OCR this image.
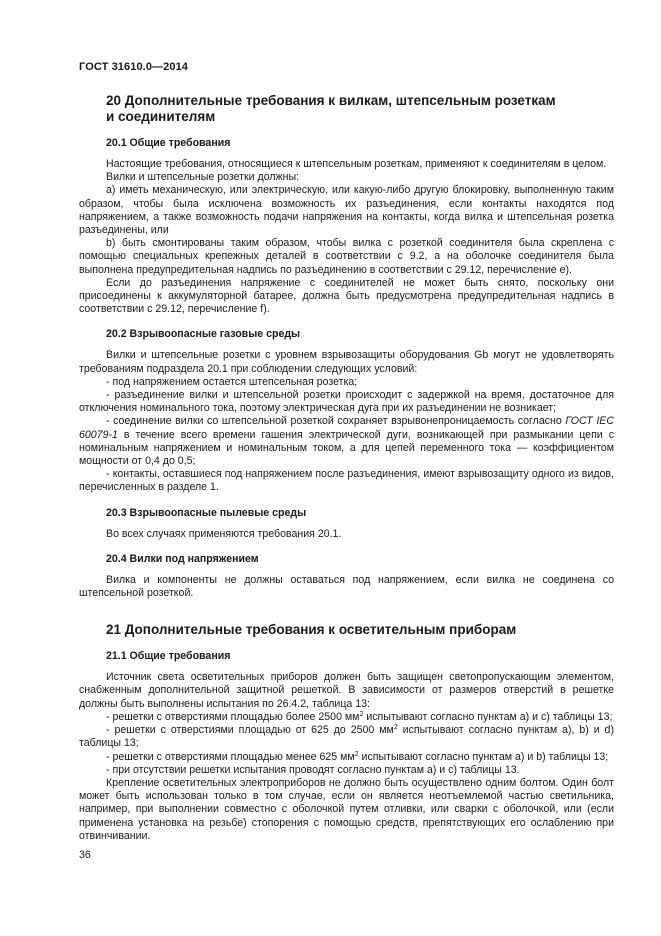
ГОСТ 31610.0—2014
20 Дополнительные требования к вилкам, штепсельным розеткам
и соединителям
20.1 Общие требования

Настоящие требования, относящиеся к штепсельным розеткам, применяют к соединителям в целом.

Вилки и штепсельные розетки должны:

a) иметь механическую, или электрическую, или какую-либо другую блокировку, выполненную таким образом, чтобы была исключена возможность их разъединения, если контакты находятся под напряжением, а также возможность подачи напряжения на контакты, когда вилка и штепсельная розетка разъединены, или

b) быть смонтированы таким образом, чтобы вилка с розеткой соединителя была скреплена с помощью специальных крепежных деталей в соответствии с 9.2, а на оболочке соединителя была выполнена предупредительная надпись по разъединению в соответствии с 29.12, перечисление е).

Если до разъединения напряжение с соединителей не может быть снято, поскольку они присоединены к аккумуляторной батарее, должна быть предусмотрена предупредительная надпись в соответствии с 29.12, перечисление f).

20.2 Взрывоопасные газовые среды

Вилки и штепсельные розетки с уровнем взрывозащиты оборудования Gb могут не удовлетворять требованиям подраздела 20.1 при соблюдении следующих условий:

- под напряжением остается штепсельная розетка;

- разъединение вилки и штепсельной розетки происходит с задержкой на время, достаточное для отключения номинального тока, поэтому электрическая дуга при их разъединении не возникает;

- соединение вилки со штепсельной розеткой сохраняет взрывонепроницаемость согласно ГОСТ IEC 60079-1 в течение всего времени гашения электрической дуги, возникающей при размыкании цепи с номинальным напряжением и номинальным током, а для цепей переменного тока — коэффициентом мощности от 0,4 до 0,5;

- контакты, оставшиеся под напряжением после разъединения, имеют взрывозащиту одного из видов, перечисленных в разделе 1.

20.3 Взрывоопасные пылевые среды

Во всех случаях применяются требования 20.1.

20.4 Вилки под напряжением

Вилка и компоненты не должны оставаться под напряжением, если вилка не соединена со штепсельной розеткой.

21 Дополнительные требования к осветительным приборам
21.1 Общие требования

Источник света осветительных приборов должен быть защищен светопропускающим элементом, снабженным дополнительной защитной решеткой. В зависимости от размеров отверстий в решетке должны быть выполнены испытания по 26.4.2, таблица 13:

- решетки с отверстиями площадью более 2500 $мм^2$ испытывают согласно пунктам а) и с) таблицы 13;

- решетки с отверстиями площадью от 625 до 2500 $мм^2$ испытывают согласно пунктам а), b) и d) таблицы 13;

- решетки с отверстиями площадью менее 625 $мм^2$ испытывают согласно пунктам а) и b) таблицы 13;

- при отсутствии решетки испытания проводят согласно пунктам а) и с) таблицы 13.

Крепление осветительных электроприборов не должно быть осуществлено одним болтом. Один болт может быть использован только в том случае, если он является неотъемлемой частью светильника, например, при выполнении совместно с оболочкой путем отливки, или сварки с оболочкой, или (если применена установка на резьбе) стопорения с помощью средств, препятствующих его ослаблению при отвинчивании.

36
